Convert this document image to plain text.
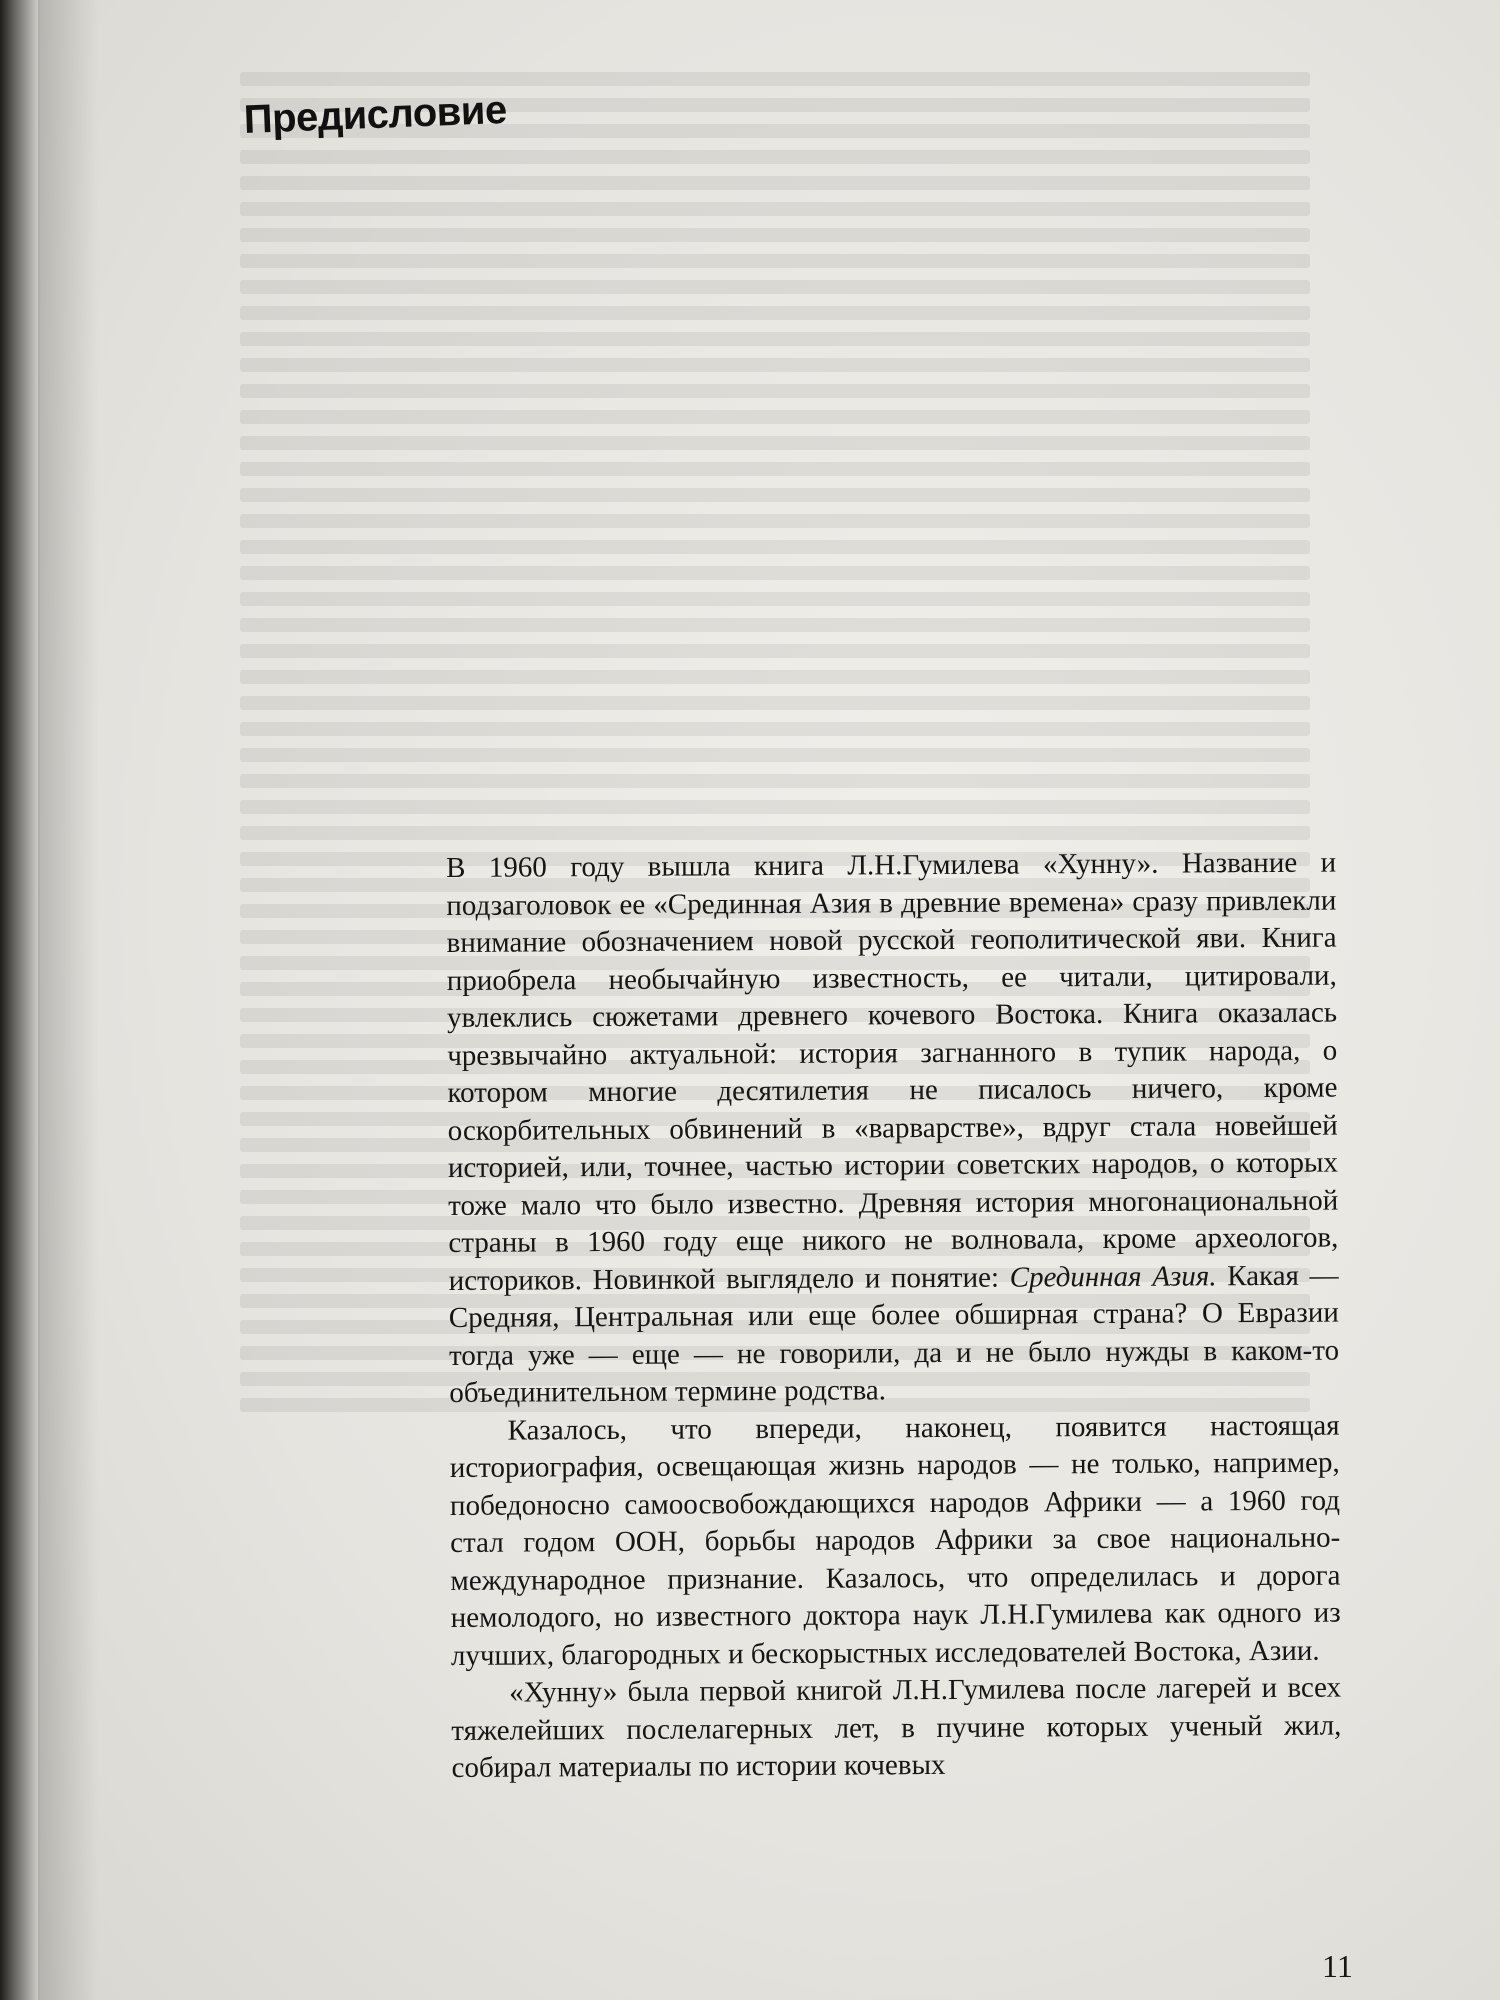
Предисловие

В 1960 году вышла книга Л.Н.Гумилева «Хунну». Название и подзаголовок ее «Срединная Азия в древние времена» сразу привлекли внимание обозначением новой русской геополитической яви. Книга приобрела необычайную известность, ее читали, цитировали, увлеклись сюжетами древнего кочевого Востока. Книга оказалась чрезвычайно актуальной: история загнанного в тупик народа, о котором многие десятилетия не писалось ничего, кроме оскорбительных обвинений в «варварстве», вдруг стала новейшей историей, или, точнее, частью истории советских народов, о которых тоже мало что было известно. Древняя история многонациональной страны в 1960 году еще никого не волновала, кроме археологов, историков. Новинкой выглядело и понятие: Срединная Азия. Какая — Средняя, Центральная или еще более обширная страна? О Евразии тогда уже — еще — не говорили, да и не было нужды в каком-то объединительном термине родства.

Казалось, что впереди, наконец, появится настоящая историография, освещающая жизнь народов — не только, например, победоносно самоосвобождающихся народов Африки — а 1960 год стал годом ООН, борьбы народов Африки за свое национально-международное признание. Казалось, что определилась и дорога немолодого, но известного доктора наук Л.Н.Гумилева как одного из лучших, благородных и бескорыстных исследователей Востока, Азии.

«Хунну» была первой книгой Л.Н.Гумилева после лагерей и всех тяжелейших послелагерных лет, в пучине которых ученый жил, собирал материалы по истории кочевых

11
